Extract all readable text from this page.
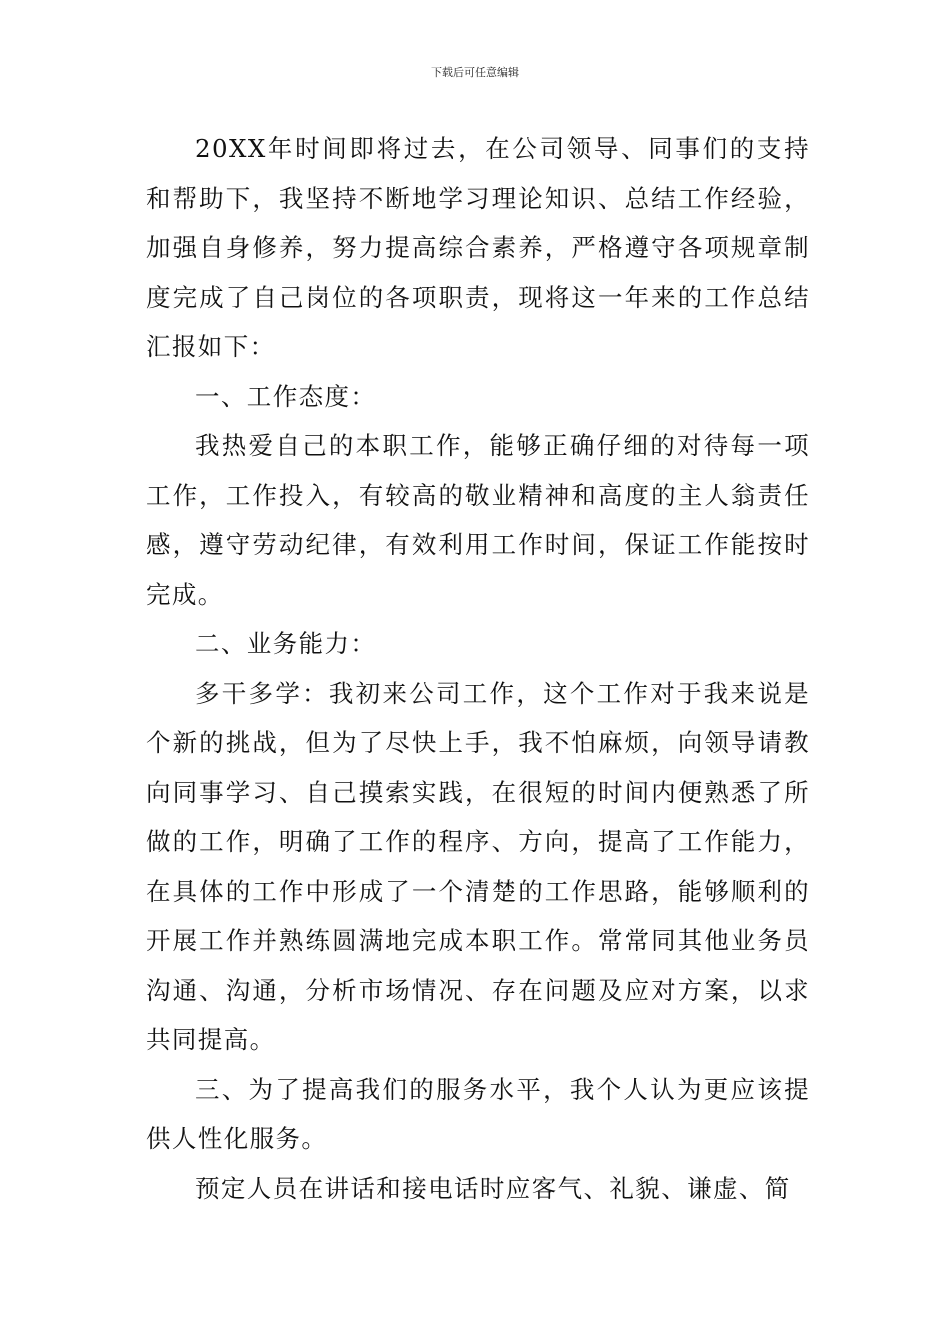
下载后可任意编辑

20XX年时间即将过去，在公司领导、同事们的支持和帮助下，我坚持不断地学习理论知识、总结工作经验，加强自身修养，努力提高综合素养，严格遵守各项规章制度完成了自己岗位的各项职责，现将这一年来的工作总结汇报如下：

一、工作态度：

我热爱自己的本职工作，能够正确仔细的对待每一项工作，工作投入，有较高的敬业精神和高度的主人翁责任感，遵守劳动纪律，有效利用工作时间，保证工作能按时完成。

二、业务能力：

多干多学：我初来公司工作，这个工作对于我来说是个新的挑战，但为了尽快上手，我不怕麻烦，向领导请教向同事学习、自己摸索实践，在很短的时间内便熟悉了所做的工作，明确了工作的程序、方向，提高了工作能力，在具体的工作中形成了一个清楚的工作思路，能够顺利的开展工作并熟练圆满地完成本职工作。常常同其他业务员沟通、沟通，分析市场情况、存在问题及应对方案，以求共同提高。

三、为了提高我们的服务水平，我个人认为更应该提供人性化服务。

预定人员在讲话和接电话时应客气、礼貌、谦虚、简
